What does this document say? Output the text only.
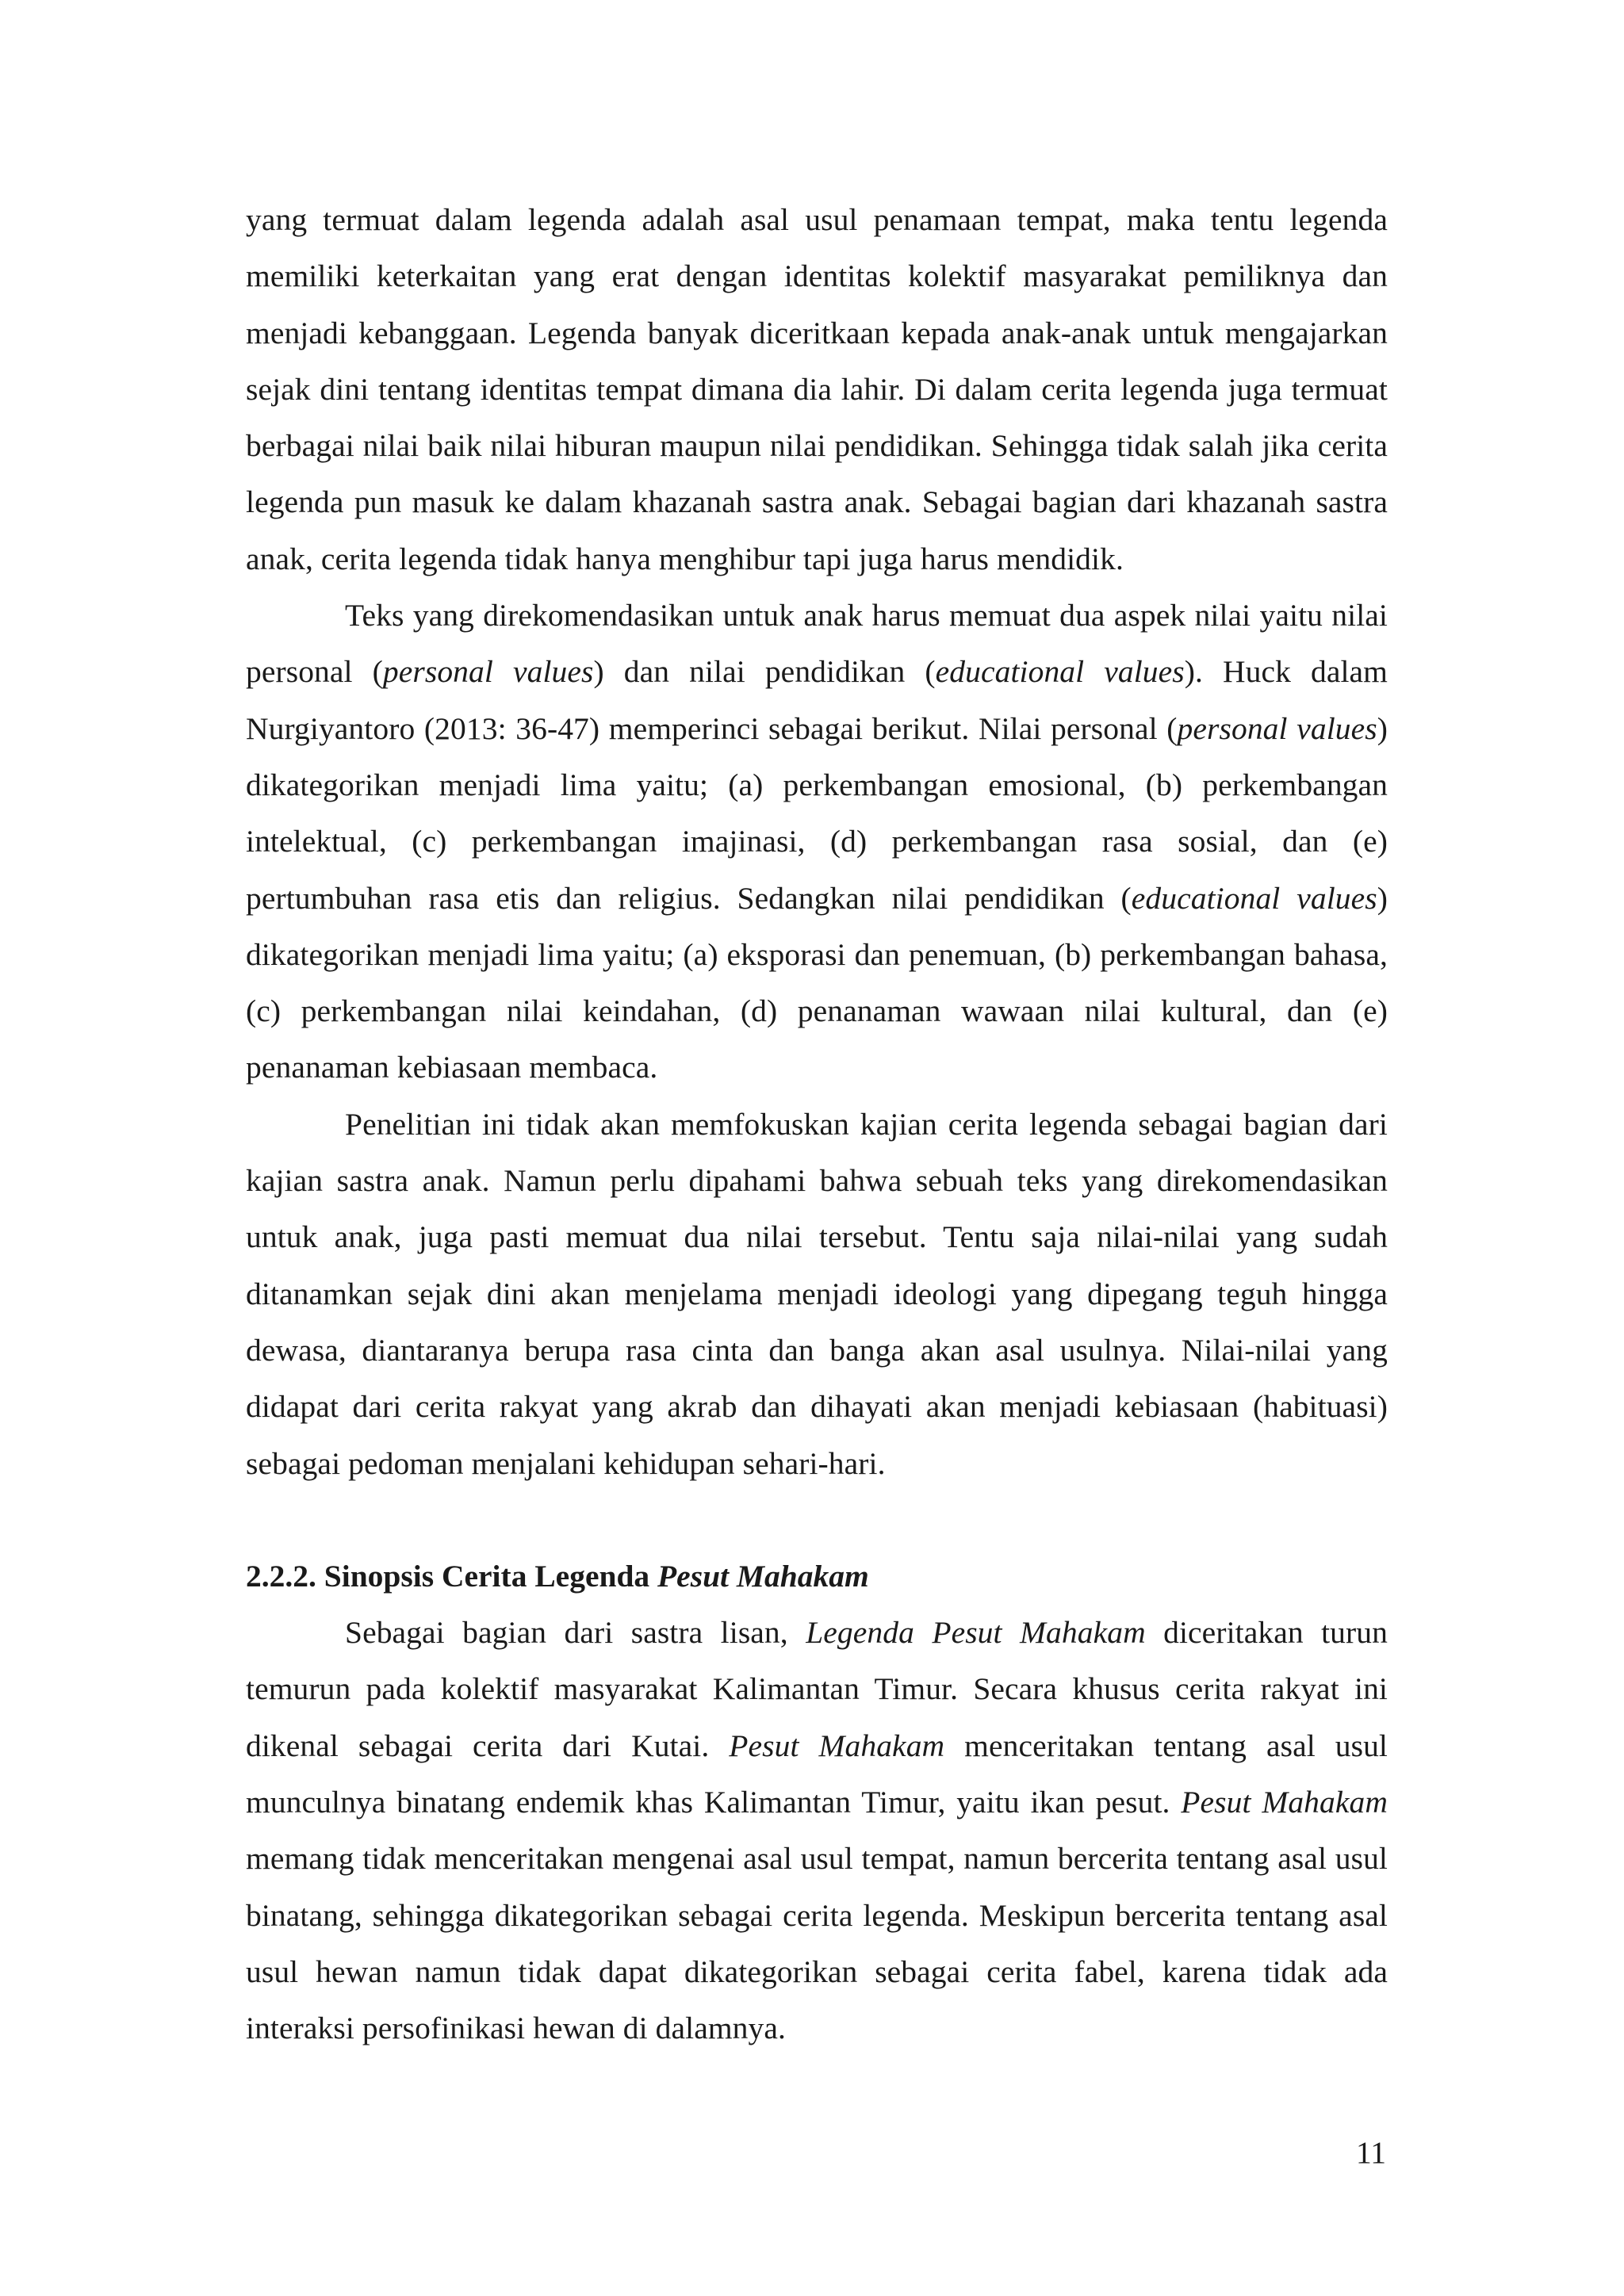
yang termuat dalam legenda adalah asal usul penamaan tempat, maka tentu legenda memiliki keterkaitan yang erat dengan identitas kolektif masyarakat pemiliknya dan menjadi kebanggaan. Legenda banyak diceritkaan kepada anak-anak untuk mengajarkan sejak dini tentang identitas tempat dimana dia lahir. Di dalam cerita legenda juga termuat berbagai nilai baik nilai hiburan maupun nilai pendidikan. Sehingga tidak salah jika cerita legenda pun masuk ke dalam khazanah sastra anak. Sebagai bagian dari khazanah sastra anak, cerita legenda tidak hanya menghibur tapi juga harus mendidik.

Teks yang direkomendasikan untuk anak harus memuat dua aspek nilai yaitu nilai personal (personal values) dan nilai pendidikan (educational values). Huck dalam Nurgiyantoro (2013: 36-47) memperinci sebagai berikut. Nilai personal (personal values) dikategorikan menjadi lima yaitu; (a) perkembangan emosional, (b) perkembangan intelektual, (c) perkembangan imajinasi, (d) perkembangan rasa sosial, dan (e) pertumbuhan rasa etis dan religius. Sedangkan nilai pendidikan (educational values) dikategorikan menjadi lima yaitu; (a) eksporasi dan penemuan, (b) perkembangan bahasa, (c) perkembangan nilai keindahan, (d) penanaman wawaan nilai kultural, dan (e) penanaman kebiasaan membaca.

Penelitian ini tidak akan memfokuskan kajian cerita legenda sebagai bagian dari kajian sastra anak. Namun perlu dipahami bahwa sebuah teks yang direkomendasikan untuk anak, juga pasti memuat dua nilai tersebut. Tentu saja nilai-nilai yang sudah ditanamkan sejak dini akan menjelama menjadi ideologi yang dipegang teguh hingga dewasa, diantaranya berupa rasa cinta dan banga akan asal usulnya. Nilai-nilai yang didapat dari cerita rakyat yang akrab dan dihayati akan menjadi kebiasaan (habituasi) sebagai pedoman menjalani kehidupan sehari-hari.

2.2.2. Sinopsis Cerita Legenda Pesut Mahakam

Sebagai bagian dari sastra lisan, Legenda Pesut Mahakam diceritakan turun temurun pada kolektif masyarakat Kalimantan Timur. Secara khusus cerita rakyat ini dikenal sebagai cerita dari Kutai. Pesut Mahakam menceritakan tentang asal usul munculnya binatang endemik khas Kalimantan Timur, yaitu ikan pesut. Pesut Mahakam memang tidak menceritakan mengenai asal usul tempat, namun bercerita tentang asal usul binatang, sehingga dikategorikan sebagai cerita legenda. Meskipun bercerita tentang asal usul hewan namun tidak dapat dikategorikan sebagai cerita fabel, karena tidak ada interaksi persofinikasi hewan di dalamnya.

11
